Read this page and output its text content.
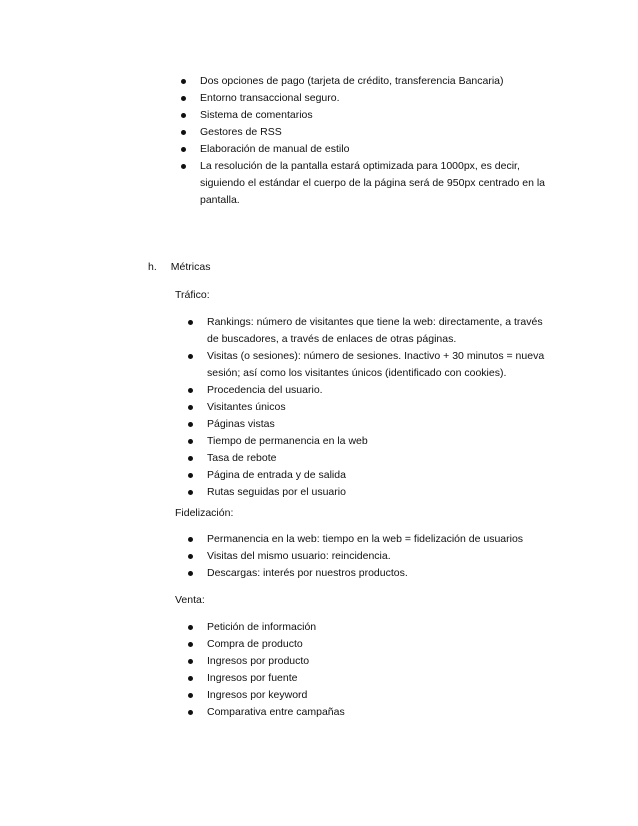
Dos opciones de pago (tarjeta de crédito, transferencia Bancaria)
Entorno transaccional seguro.
Sistema de comentarios
Gestores de RSS
Elaboración de manual de estilo
La resolución de la pantalla estará optimizada para 1000px, es decir, siguiendo el estándar el cuerpo de la página será de 950px centrado en la pantalla.
h. Métricas
Tráfico:
Rankings: número de visitantes que tiene la web: directamente, a través de buscadores, a través de enlaces de otras páginas.
Visitas (o sesiones): número de sesiones. Inactivo + 30 minutos = nueva sesión; así como los visitantes únicos (identificado con cookies).
Procedencia del usuario.
Visitantes únicos
Páginas vistas
Tiempo de permanencia en la web
Tasa de rebote
Página de entrada y de salida
Rutas seguidas por el usuario
Fidelización:
Permanencia en la web: tiempo en la web = fidelización de usuarios
Visitas del mismo usuario: reincidencia.
Descargas: interés por nuestros productos.
Venta:
Petición de información
Compra de producto
Ingresos por producto
Ingresos por fuente
Ingresos por keyword
Comparativa entre campañas
